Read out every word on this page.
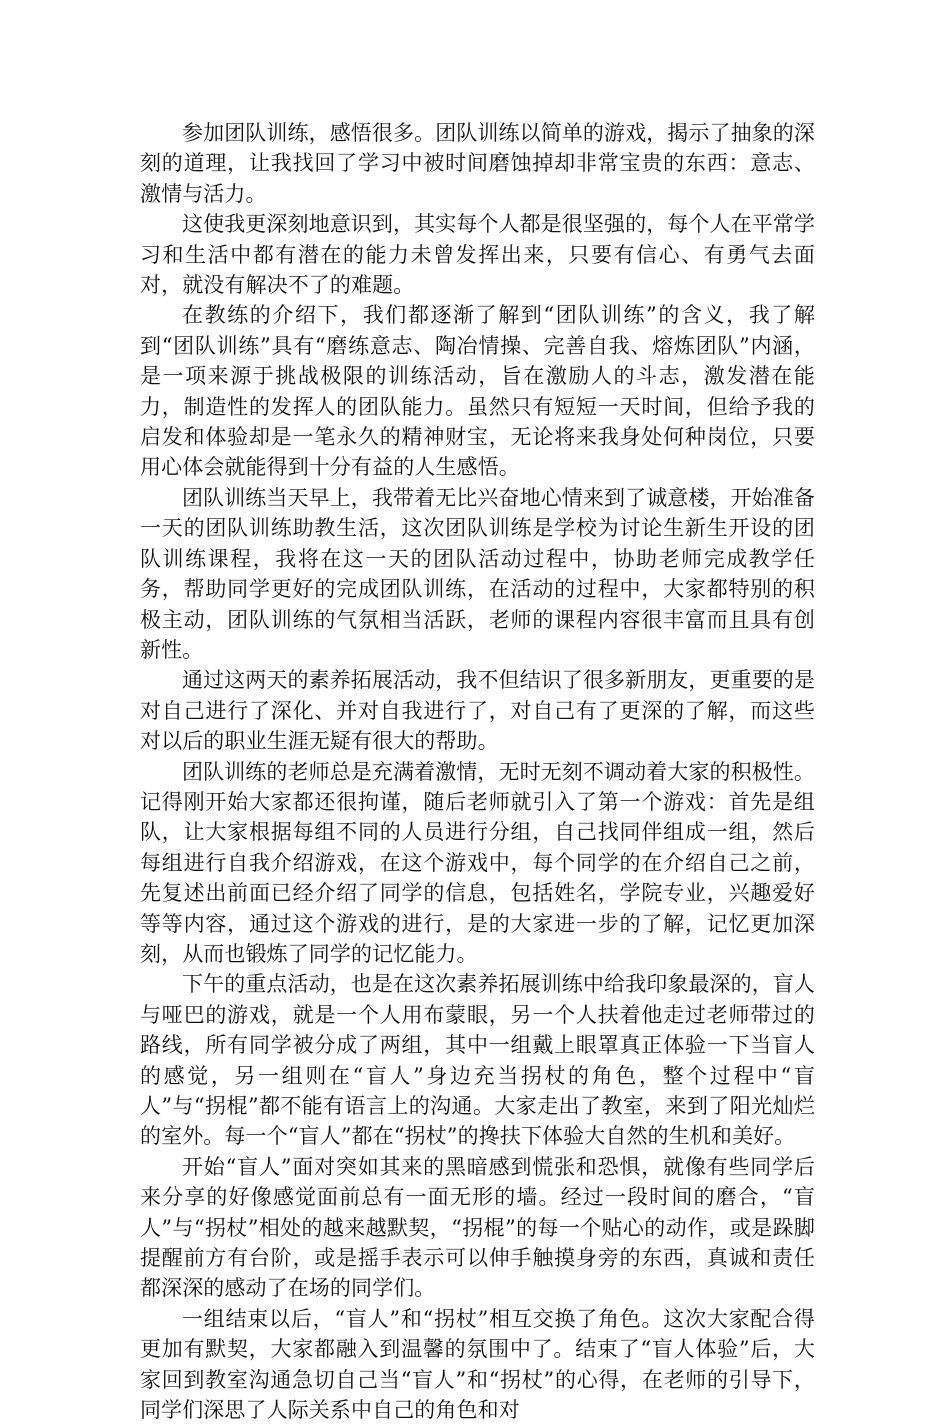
参加团队训练，感悟很多。团队训练以简单的游戏，揭示了抽象的深刻的道理，让我找回了学习中被时间磨蚀掉却非常宝贵的东西：意志、激情与活力。

这使我更深刻地意识到，其实每个人都是很坚强的，每个人在平常学习和生活中都有潜在的能力未曾发挥出来，只要有信心、有勇气去面对，就没有解决不了的难题。

在教练的介绍下，我们都逐渐了解到“团队训练”的含义，我了解到“团队训练”具有“磨练意志、陶冶情操、完善自我、熔炼团队”内涵，是一项来源于挑战极限的训练活动，旨在激励人的斗志，激发潜在能力，制造性的发挥人的团队能力。虽然只有短短一天时间，但给予我的启发和体验却是一笔永久的精神财宝，无论将来我身处何种岗位，只要用心体会就能得到十分有益的人生感悟。

团队训练当天早上，我带着无比兴奋地心情来到了诚意楼，开始准备一天的团队训练助教生活，这次团队训练是学校为讨论生新生开设的团队训练课程，我将在这一天的团队活动过程中，协助老师完成教学任务，帮助同学更好的完成团队训练，在活动的过程中，大家都特别的积极主动，团队训练的气氛相当活跃，老师的课程内容很丰富而且具有创新性。

通过这两天的素养拓展活动，我不但结识了很多新朋友，更重要的是对自己进行了深化、并对自我进行了，对自己有了更深的了解，而这些对以后的职业生涯无疑有很大的帮助。

团队训练的老师总是充满着激情，无时无刻不调动着大家的积极性。记得刚开始大家都还很拘谨，随后老师就引入了第一个游戏：首先是组队，让大家根据每组不同的人员进行分组，自己找同伴组成一组，然后每组进行自我介绍游戏，在这个游戏中，每个同学的在介绍自己之前，先复述出前面已经介绍了同学的信息，包括姓名，学院专业，兴趣爱好等等内容，通过这个游戏的进行，是的大家进一步的了解，记忆更加深刻，从而也锻炼了同学的记忆能力。

下午的重点活动，也是在这次素养拓展训练中给我印象最深的，盲人与哑巴的游戏，就是一个人用布蒙眼，另一个人扶着他走过老师带过的路线，所有同学被分成了两组，其中一组戴上眼罩真正体验一下当盲人的感觉，另一组则在“盲人”身边充当拐杖的角色，整个过程中“盲人”与“拐棍”都不能有语言上的沟通。大家走出了教室，来到了阳光灿烂的室外。每一个“盲人”都在“拐杖”的搀扶下体验大自然的生机和美好。

开始“盲人”面对突如其来的黑暗感到慌张和恐惧，就像有些同学后来分享的好像感觉面前总有一面无形的墙。经过一段时间的磨合，“盲人”与“拐杖”相处的越来越默契，“拐棍”的每一个贴心的动作，或是跺脚提醒前方有台阶，或是摇手表示可以伸手触摸身旁的东西，真诚和责任都深深的感动了在场的同学们。

一组结束以后，“盲人”和“拐杖”相互交换了角色。这次大家配合得更加有默契，大家都融入到温馨的氛围中了。结束了“盲人体验”后，大家回到教室沟通急切自己当“盲人”和“拐杖”的心得，在老师的引导下，同学们深思了人际关系中自己的角色和对
